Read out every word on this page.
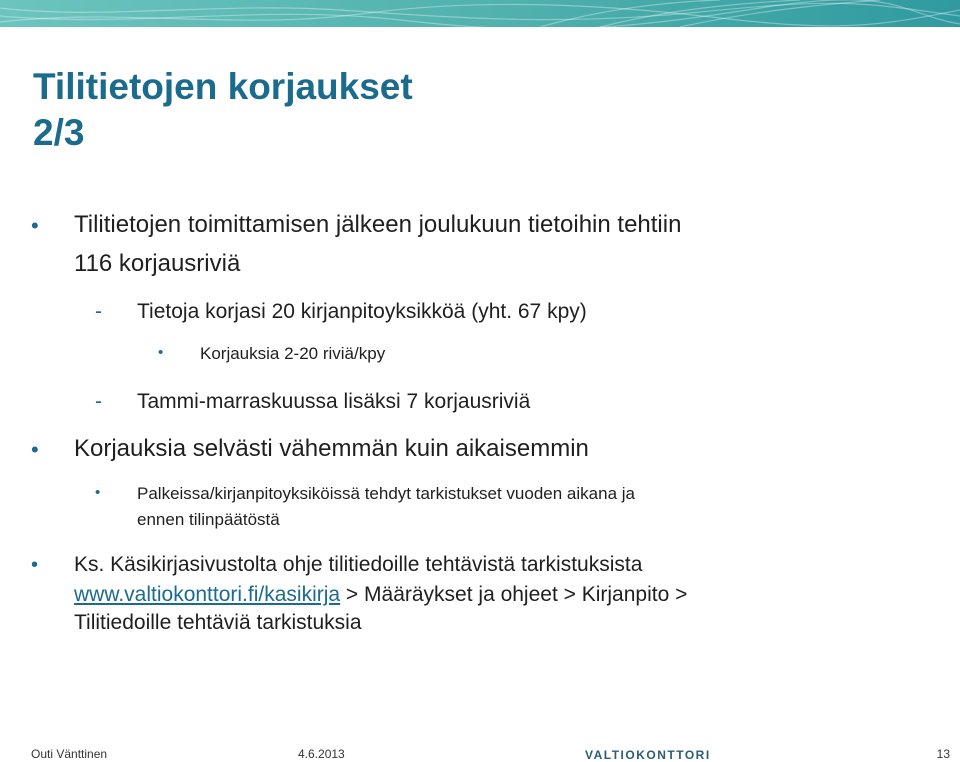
Tilitietojen korjaukset
2/3
• Tilitietojen toimittamisen jälkeen joulukuun tietoihin tehtiin

116 korjausriviä

- Tietoja korjasi 20 kirjanpitoyksikköä (yht. 67 kpy)

• Korjauksia 2-20 riviä/kpy

- Tammi-marraskuussa lisäksi 7 korjausriviä

• Korjauksia selvästi vähemmän kuin aikaisemmin

• Palkeissa/kirjanpitoyksiköissä tehdyt tarkistukset vuoden aikana ja

ennen tilinpäätöstä

• Ks. Käsikirjasivustolta ohje tilitiedoille tehtävistä tarkistuksista

www.valtiokonttori.fi/kasikirja > Määräykset ja ohjeet > Kirjanpito >

Tilitiedoille tehtäviä tarkistuksia

Outi Vänttinen	4.6.2013	VALTIOKONTTORI	13
